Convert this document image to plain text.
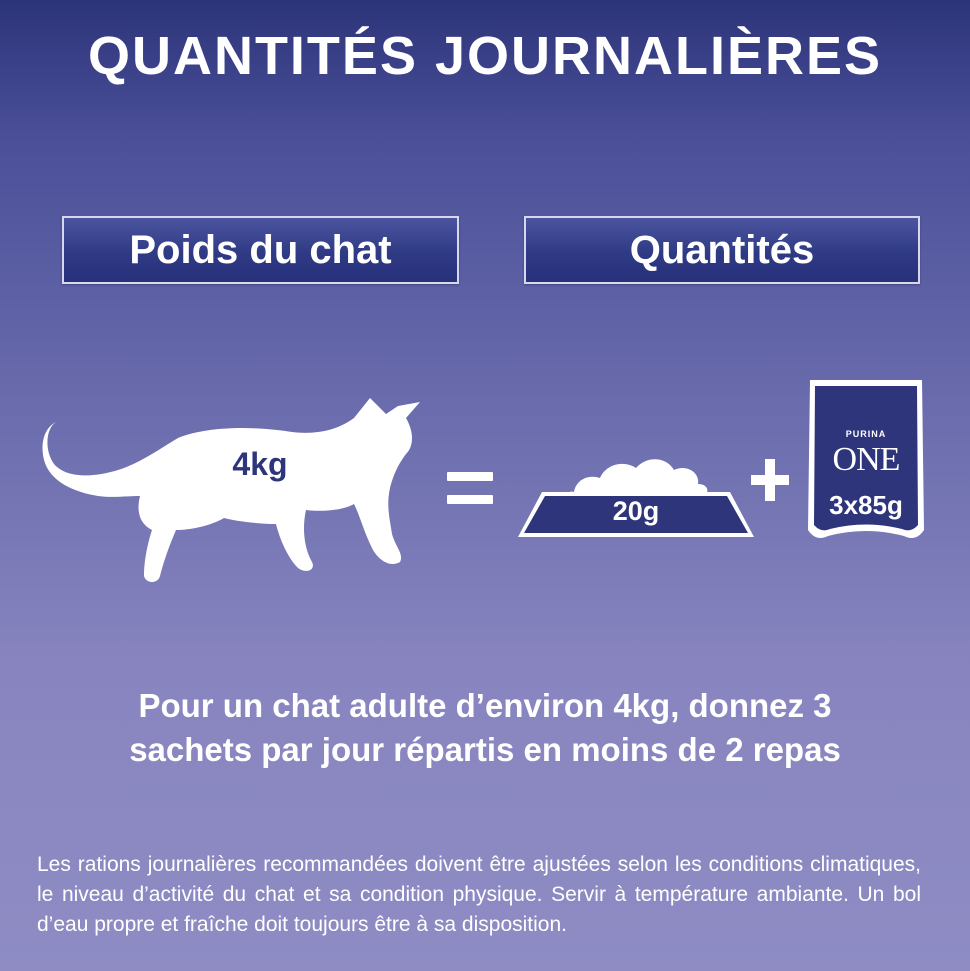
QUANTITÉS JOURNALIÈRES
Poids du chat	Quantités
4kg
20g
PURINA
ONE
3x85g
Pour un chat adulte d’environ 4kg, donnez 3
sachets par jour répartis en moins de 2 repas
Les rations journalières recommandées doivent être ajustées selon les conditions climatiques, le niveau d’activité du chat et sa condition physique. Servir à température ambiante. Un bol d’eau propre et fraîche doit toujours être à sa disposition.
